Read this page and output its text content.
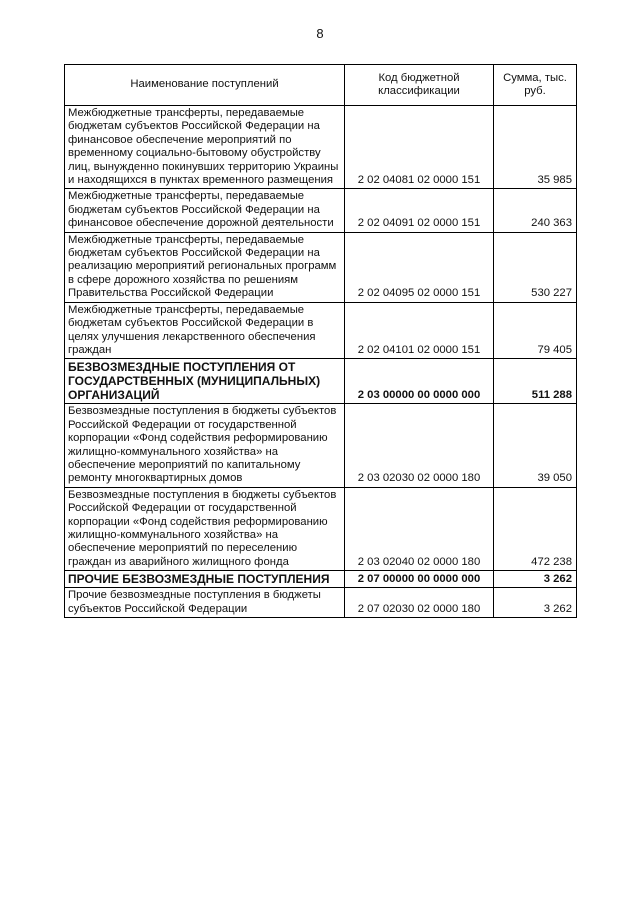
8
Наименование поступлений	Код бюджетной классификации	Сумма, тыс. руб.
Межбюджетные трансферты, передаваемые бюджетам субъектов Российской Федерации на финансовое обеспечение мероприятий по временному социально-бытовому обустройству лиц, вынужденно покинувших территорию Украины и находящихся в пунктах временного размещения	2 02 04081 02 0000 151	35 985
Межбюджетные трансферты, передаваемые бюджетам субъектов Российской Федерации на финансовое обеспечение дорожной деятельности	2 02 04091 02 0000 151	240 363
Межбюджетные трансферты, передаваемые бюджетам субъектов Российской Федерации на реализацию мероприятий региональных программ в сфере дорожного хозяйства по решениям Правительства Российской Федерации	2 02 04095 02 0000 151	530 227
Межбюджетные трансферты, передаваемые бюджетам субъектов Российской Федерации в целях улучшения лекарственного обеспечения граждан	2 02 04101 02 0000 151	79 405
БЕЗВОЗМЕЗДНЫЕ ПОСТУПЛЕНИЯ ОТ ГОСУДАРСТВЕННЫХ (МУНИЦИПАЛЬНЫХ) ОРГАНИЗАЦИЙ	2 03 00000 00 0000 000	511 288
Безвозмездные поступления в бюджеты субъектов Российской Федерации от государственной корпорации «Фонд содействия реформированию жилищно-коммунального хозяйства» на обеспечение мероприятий по капитальному ремонту многоквартирных домов	2 03 02030 02 0000 180	39 050
Безвозмездные поступления в бюджеты субъектов Российской Федерации от государственной корпорации «Фонд содействия реформированию жилищно-коммунального хозяйства» на обеспечение мероприятий по переселению граждан из аварийного жилищного фонда	2 03 02040 02 0000 180	472 238
ПРОЧИЕ БЕЗВОЗМЕЗДНЫЕ ПОСТУПЛЕНИЯ	2 07 00000 00 0000 000	3 262
Прочие безвозмездные поступления в бюджеты субъектов Российской Федерации	2 07 02030 02 0000 180	3 262
